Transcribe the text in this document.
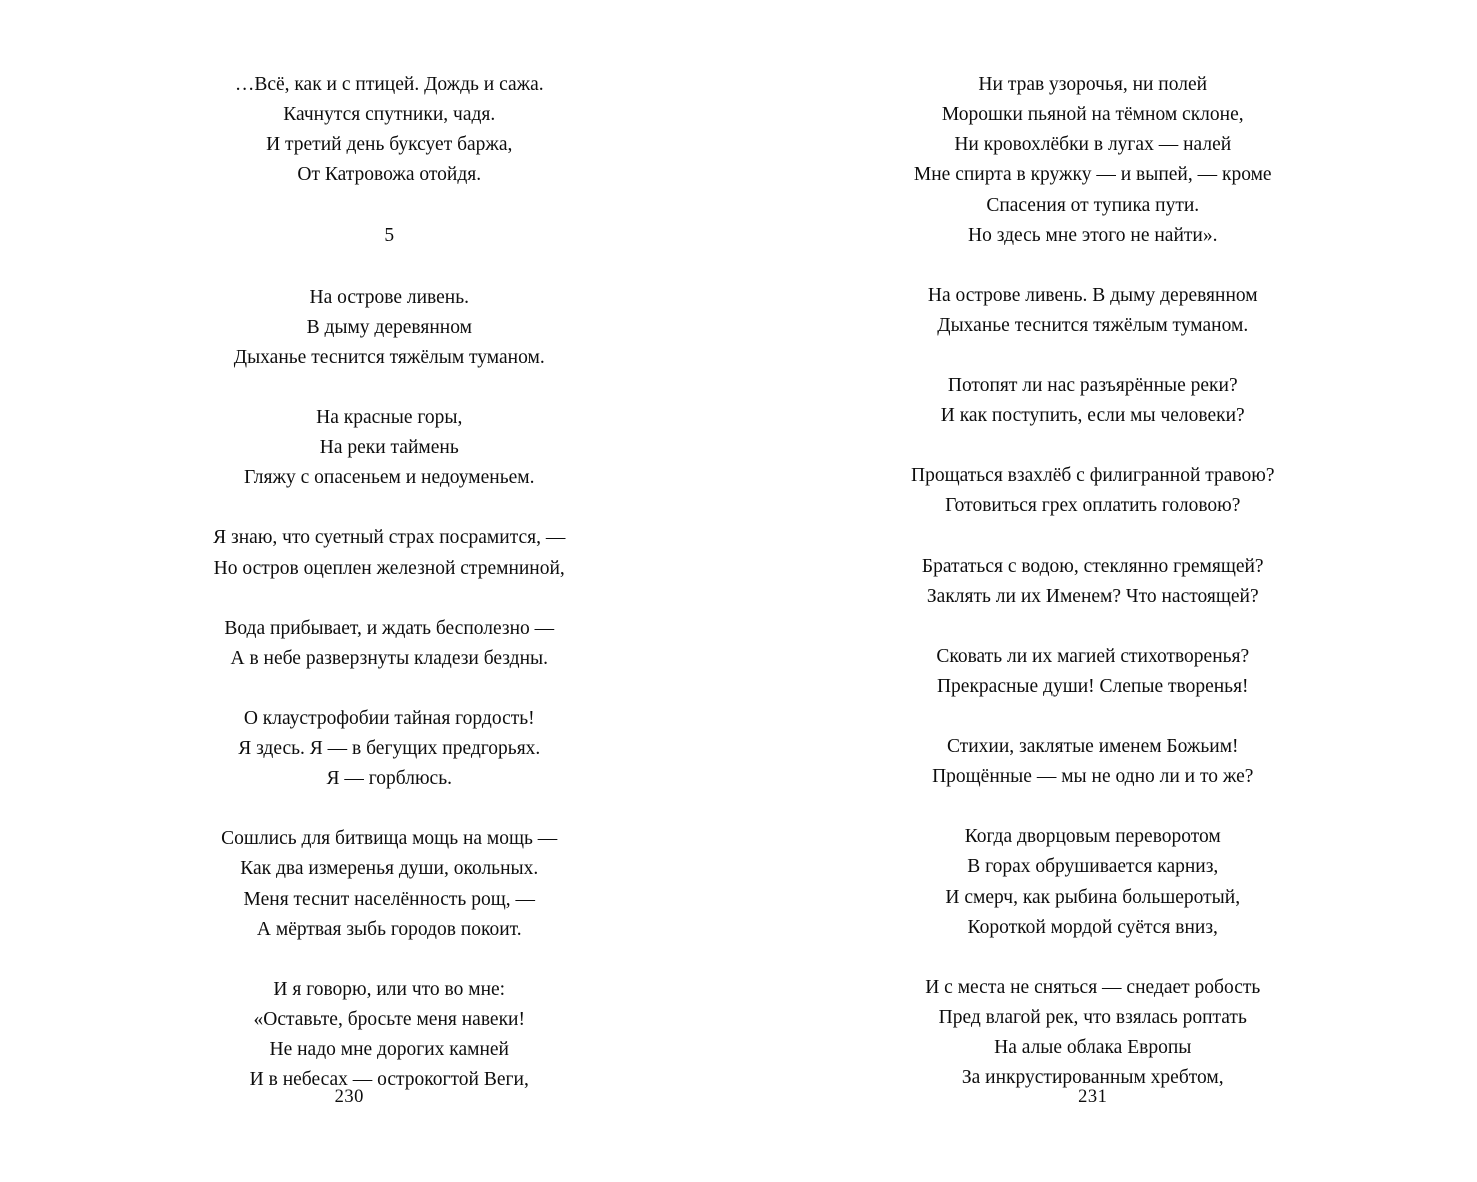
…Всё, как и с птицей. Дождь и сажа.
Качнутся спутники, чадя.
И третий день буксует баржа,
От Катровожа отойдя.
5
На острове ливень.
В дыму деревянном
Дыханье теснится тяжёлым туманом.
На красные горы,
На реки таймень
Гляжу с опасеньем и недоуменьем.
Я знаю, что суетный страх посрамится, —
Но остров оцеплен железной стремниной,
Вода прибывает, и ждать бесполезно —
А в небе разверзнуты кладези бездны.
О клаустрофобии тайная гордость!
Я здесь. Я — в бегущих предгорьях.
Я — горблюсь.
Сошлись для битвища мощь на мощь —
Как два измеренья души, окольных.
Меня теснит населённость рощ, —
А мёртвая зыбь городов покоит.
И я говорю, или что во мне:
«Оставьте, бросьте меня навеки!
Не надо мне дорогих камней
И в небесах — острокогтой Веги,
230
Ни трав узорочья, ни полей
Морошки пьяной на тёмном склоне,
Ни кровохлёбки в лугах — налей
Мне спирта в кружку — и выпей, — кроме
Спасения от тупика пути.
Но здесь мне этого не найти».
На острове ливень. В дыму деревянном
Дыханье теснится тяжёлым туманом.
Потопят ли нас разъярённые реки?
И как поступить, если мы человеки?
Прощаться взахлёб с филигранной травою?
Готовиться грех оплатить головою?
Брататься с водою, стеклянно гремящей?
Заклять ли их Именем? Что настоящей?
Сковать ли их магией стихотворенья?
Прекрасные души! Слепые творенья!
Стихии, заклятые именем Божьим!
Прощённые — мы не одно ли и то же?
Когда дворцовым переворотом
В горах обрушивается карниз,
И смерч, как рыбина большеротый,
Короткой мордой суётся вниз,
И с места не сняться — снедает робость
Пред влагой рек, что взялась роптать
На алые облака Европы
За инкрустированным хребтом,
231
